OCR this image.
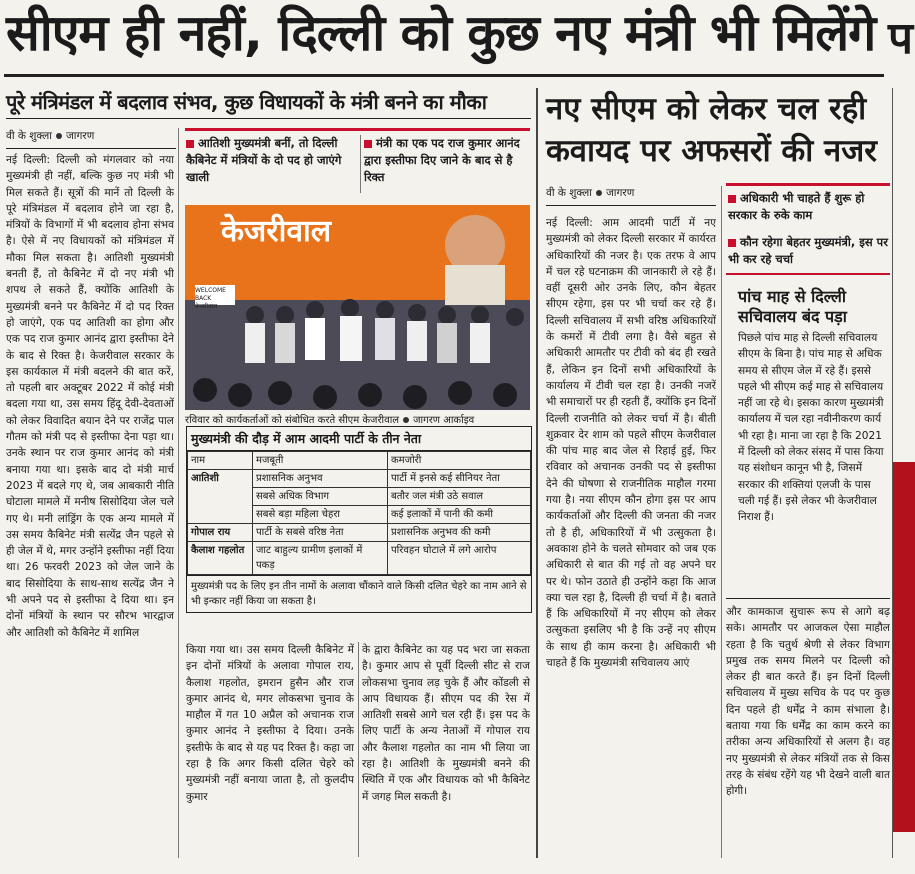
सीएम ही नहीं, दिल्ली को कुछ नए मंत्री भी मिलेंगे प
पूरे मंत्रिमंडल में बदलाव संभव, कुछ विधायकों के मंत्री बनने का मौका
वी के शुक्ला जागरण
नई दिल्ली: दिल्ली को मंगलवार को नया मुख्यमंत्री ही नहीं, बल्कि कुछ नए मंत्री भी मिल सकते हैं। सूत्रों की मानें तो दिल्ली के पूरे मंत्रिमंडल में बदलाव होने जा रहा है, मंत्रियों के विभागों में भी बदलाव होना संभव है। ऐसे में नए विधायकों को मंत्रिमंडल में मौका मिल सकता है। आतिशी मुख्यमंत्री बनती हैं, तो कैबिनेट में दो नए मंत्री भी शपथ ले सकते हैं, क्योंकि आतिशी के मुख्यमंत्री बनने पर कैबिनेट में दो पद रिक्त हो जाएंगे, एक पद आतिशी का होगा और एक पद राज कुमार आनंद द्वारा इस्तीफा देने के बाद से रिक्त है। केजरीवाल सरकार के इस कार्यकाल में मंत्री बदलने की बात करें, तो पहली बार अक्टूबर 2022 में कोई मंत्री बदला गया था, उस समय हिंदू देवी-देवताओं को लेकर विवादित बयान देने पर राजेंद्र पाल गौतम को मंत्री पद से इस्तीफा देना पड़ा था। उनके स्थान पर राज कुमार आनंद को मंत्री बनाया गया था। इसके बाद दो मंत्री मार्च 2023 में बदले गए थे, जब आबकारी नीति घोटाला मामले में मनीष सिसोदिया जेल चले गए थे। मनी लांड्रिंग के एक अन्य मामले में उस समय कैबिनेट मंत्री सत्येंद्र जैन पहले से ही जेल में थे, मगर उन्होंने इस्तीफा नहीं दिया था। 26 फरवरी 2023 को जेल जाने के बाद सिसोदिया के साथ-साथ सत्येंद्र जैन ने भी अपने पद से इस्तीफा दे दिया था। इन दोनों मंत्रियों के स्थान पर सौरभ भारद्वाज और आतिशी को कैबिनेट में शामिल
आतिशी मुख्यमंत्री बनीं, तो दिल्ली कैबिनेट में मंत्रियों के दो पद हो जाएंगे खाली
मंत्री का एक पद राज कुमार आनंद द्वारा इस्तीफा दिए जाने के बाद से है रिक्त
केजरीवाल
WELCOME BACK केजरीवाल
रविवार को कार्यकर्ताओं को संबोधित करते सीएम केजरीवाल जागरण आर्काइव
मुख्यमंत्री की दौड़ में आम आदमी पार्टी के तीन नेता
नाम	मजबूती	कमजोरी
आतिशी	प्रशासनिक अनुभव	पार्टी में इनसे कई सीनियर नेता
	सबसे अधिक विभाग	बतौर जल मंत्री उठे सवाल
	सबसे बड़ा महिला चेहरा	कई इलाकों में पानी की कमी
गोपाल राय	पार्टी के सबसे वरिष्ठ नेता	प्रशासनिक अनुभव की कमी
कैलाश गहलोत	जाट बाहुल्य ग्रामीण इलाकों में पकड़	परिवहन घोटाले में लगे आरोप
मुख्यमंत्री पद के लिए इन तीन नामों के अलावा चौंकाने वाले किसी दलित चेहरे का नाम आने से भी इन्कार नहीं किया जा सकता है।
किया गया था। उस समय दिल्ली कैबिनेट में इन दोनों मंत्रियों के अलावा गोपाल राय, कैलाश गहलोत, इमरान हुसैन और राज कुमार आनंद थे, मगर लोकसभा चुनाव के माहौल में गत 10 अप्रैल को अचानक राज कुमार आनंद ने इस्तीफा दे दिया। उनके इस्तीफे के बाद से यह पद रिक्त है। कहा जा रहा है कि अगर किसी दलित चेहरे को मुख्यमंत्री नहीं बनाया जाता है, तो कुलदीप कुमार
के द्वारा कैबिनेट का यह पद भरा जा सकता है। कुमार आप से पूर्वी दिल्ली सीट से राज लोकसभा चुनाव लड़ चुके हैं और कोंडली से आप विधायक हैं। सीएम पद की रेस में आतिशी सबसे आगे चल रही हैं। इस पद के लिए पार्टी के अन्य नेताओं में गोपाल राय और कैलाश गहलोत का नाम भी लिया जा रहा है। आतिशी के मुख्यमंत्री बनने की स्थिति में एक और विधायक को भी कैबिनेट में जगह मिल सकती है।
नए सीएम को लेकर चल रही कवायद पर अफसरों की नजर
वी के शुक्ला जागरण	अधिकारी भी चाहते हैं शुरू हो सरकार के रुके काम
कौन रहेगा बेहतर मुख्यमंत्री, इस पर भी कर रहे चर्चा
नई दिल्ली: आम आदमी पार्टी में नए मुख्यमंत्री को लेकर दिल्ली सरकार में कार्यरत अधिकारियों की नजर है। एक तरफ वे आप में चल रहे घटनाक्रम की जानकारी ले रहे हैं। वहीं दूसरी ओर उनके लिए, कौन बेहतर सीएम रहेगा, इस पर भी चर्चा कर रहे हैं। दिल्ली सचिवालय में सभी वरिष्ठ अधिकारियों के कमरों में टीवी लगा है। वैसे बहुत से अधिकारी आमतौर पर टीवी को बंद ही रखते हैं, लेकिन इन दिनों सभी अधिकारियों के कार्यालय में टीवी चल रहा है। उनकी नजरें भी समाचारों पर ही रहती हैं, क्योंकि इन दिनों दिल्ली राजनीति को लेकर चर्चा में है। बीती शुक्रवार देर शाम को पहले सीएम केजरीवाल की पांच माह बाद जेल से रिहाई हुई, फिर रविवार को अचानक उनकी पद से इस्तीफा देने की घोषणा से राजनीतिक माहौल गरमा गया है। नया सीएम कौन होगा इस पर आप कार्यकर्ताओं और दिल्ली की जनता की नजर तो है ही, अधिकारियों में भी उत्सुकता है। अवकाश होने के चलते सोमवार को जब एक अधिकारी से बात की गई तो वह अपने घर पर थे। फोन उठाते ही उन्होंने कहा कि आज क्या चल रहा है, दिल्ली ही चर्चा में है। बताते हैं कि अधिकारियों में नए सीएम को लेकर उत्सुकता इसलिए भी है कि उन्हें नए सीएम के साथ ही काम करना है। अधिकारी भी चाहते हैं कि मुख्यमंत्री सचिवालय आएं
पांच माह से दिल्ली सचिवालय बंद पड़ा
पिछले पांच माह से दिल्ली सचिवालय सीएम के बिना है। पांच माह से अधिक समय से सीएम जेल में रहे हैं। इससे पहले भी सीएम कई माह से सचिवालय नहीं जा रहे थे। इसका कारण मुख्यमंत्री कार्यालय में चल रहा नवीनीकरण कार्य भी रहा है। माना जा रहा है कि 2021 में दिल्ली को लेकर संसद में पास किया यह संशोधन कानून भी है, जिसमें सरकार की शक्तियां एलजी के पास चली गई हैं। इसे लेकर भी केजरीवाल निराश हैं।
और कामकाज सुचारू रूप से आगे बढ़ सके। आमतौर पर आजकल ऐसा माहौल रहता है कि चतुर्थ श्रेणी से लेकर विभाग प्रमुख तक समय मिलने पर दिल्ली को लेकर ही बात करते हैं। इन दिनों दिल्ली सचिवालय में मुख्य सचिव के पद पर कुछ दिन पहले ही धर्मेंद्र ने काम संभाला है। बताया गया कि धर्मेंद्र का काम करने का तरीका अन्य अधिकारियों से अलग है। वह नए मुख्यमंत्री से लेकर मंत्रियों तक से किस तरह के संबंध रहेंगे यह भी देखने वाली बात होगी।
